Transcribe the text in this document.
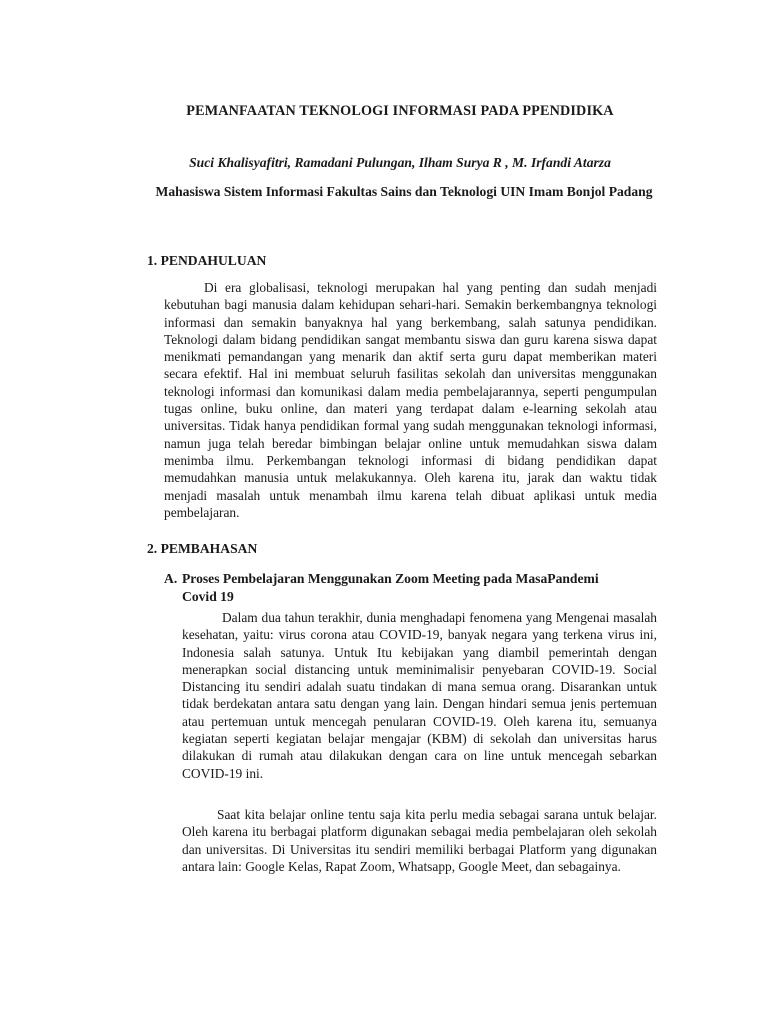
PEMANFAATAN TEKNOLOGI INFORMASI PADA PPENDIDIKA
Suci Khalisyafitri, Ramadani Pulungan, Ilham Surya R , M. Irfandi Atarza
Mahasiswa Sistem Informasi Fakultas Sains dan Teknologi UIN Imam Bonjol Padang
1. PENDAHULUAN

Di era globalisasi, teknologi merupakan hal yang penting dan sudah menjadi kebutuhan bagi manusia dalam kehidupan sehari-hari. Semakin berkembangnya teknologi informasi dan semakin banyaknya hal yang berkembang, salah satunya pendidikan. Teknologi dalam bidang pendidikan sangat membantu siswa dan guru karena siswa dapat menikmati pemandangan yang menarik dan aktif serta guru dapat memberikan materi secara efektif. Hal ini membuat seluruh fasilitas sekolah dan universitas menggunakan teknologi informasi dan komunikasi dalam media pembelajarannya, seperti pengumpulan tugas online, buku online, dan materi yang terdapat dalam e-learning sekolah atau universitas. Tidak hanya pendidikan formal yang sudah menggunakan teknologi informasi, namun juga telah beredar bimbingan belajar online untuk memudahkan siswa dalam menimba ilmu. Perkembangan teknologi informasi di bidang pendidikan dapat memudahkan manusia untuk melakukannya. Oleh karena itu, jarak dan waktu tidak menjadi masalah untuk menambah ilmu karena telah dibuat aplikasi untuk media pembelajaran.

2. PEMBAHASAN
A. Proses Pembelajaran Menggunakan Zoom Meeting pada MasaPandemi
Covid 19

Dalam dua tahun terakhir, dunia menghadapi fenomena yang Mengenai masalah kesehatan, yaitu: virus corona atau COVID-19, banyak negara yang terkena virus ini, Indonesia salah satunya. Untuk Itu kebijakan yang diambil pemerintah dengan menerapkan social distancing untuk meminimalisir penyebaran COVID-19. Social Distancing itu sendiri adalah suatu tindakan di mana semua orang. Disarankan untuk tidak berdekatan antara satu dengan yang lain. Dengan hindari semua jenis pertemuan atau pertemuan untuk mencegah penularan COVID-19. Oleh karena itu, semuanya kegiatan seperti kegiatan belajar mengajar (KBM) di sekolah dan universitas harus dilakukan di rumah atau dilakukan dengan cara on line untuk mencegah sebarkan COVID-19 ini.

Saat kita belajar online tentu saja kita perlu media sebagai sarana untuk belajar. Oleh karena itu berbagai platform digunakan sebagai media pembelajaran oleh sekolah dan universitas. Di Universitas itu sendiri memiliki berbagai Platform yang digunakan antara lain: Google Kelas, Rapat Zoom, Whatsapp, Google Meet, dan sebagainya.
